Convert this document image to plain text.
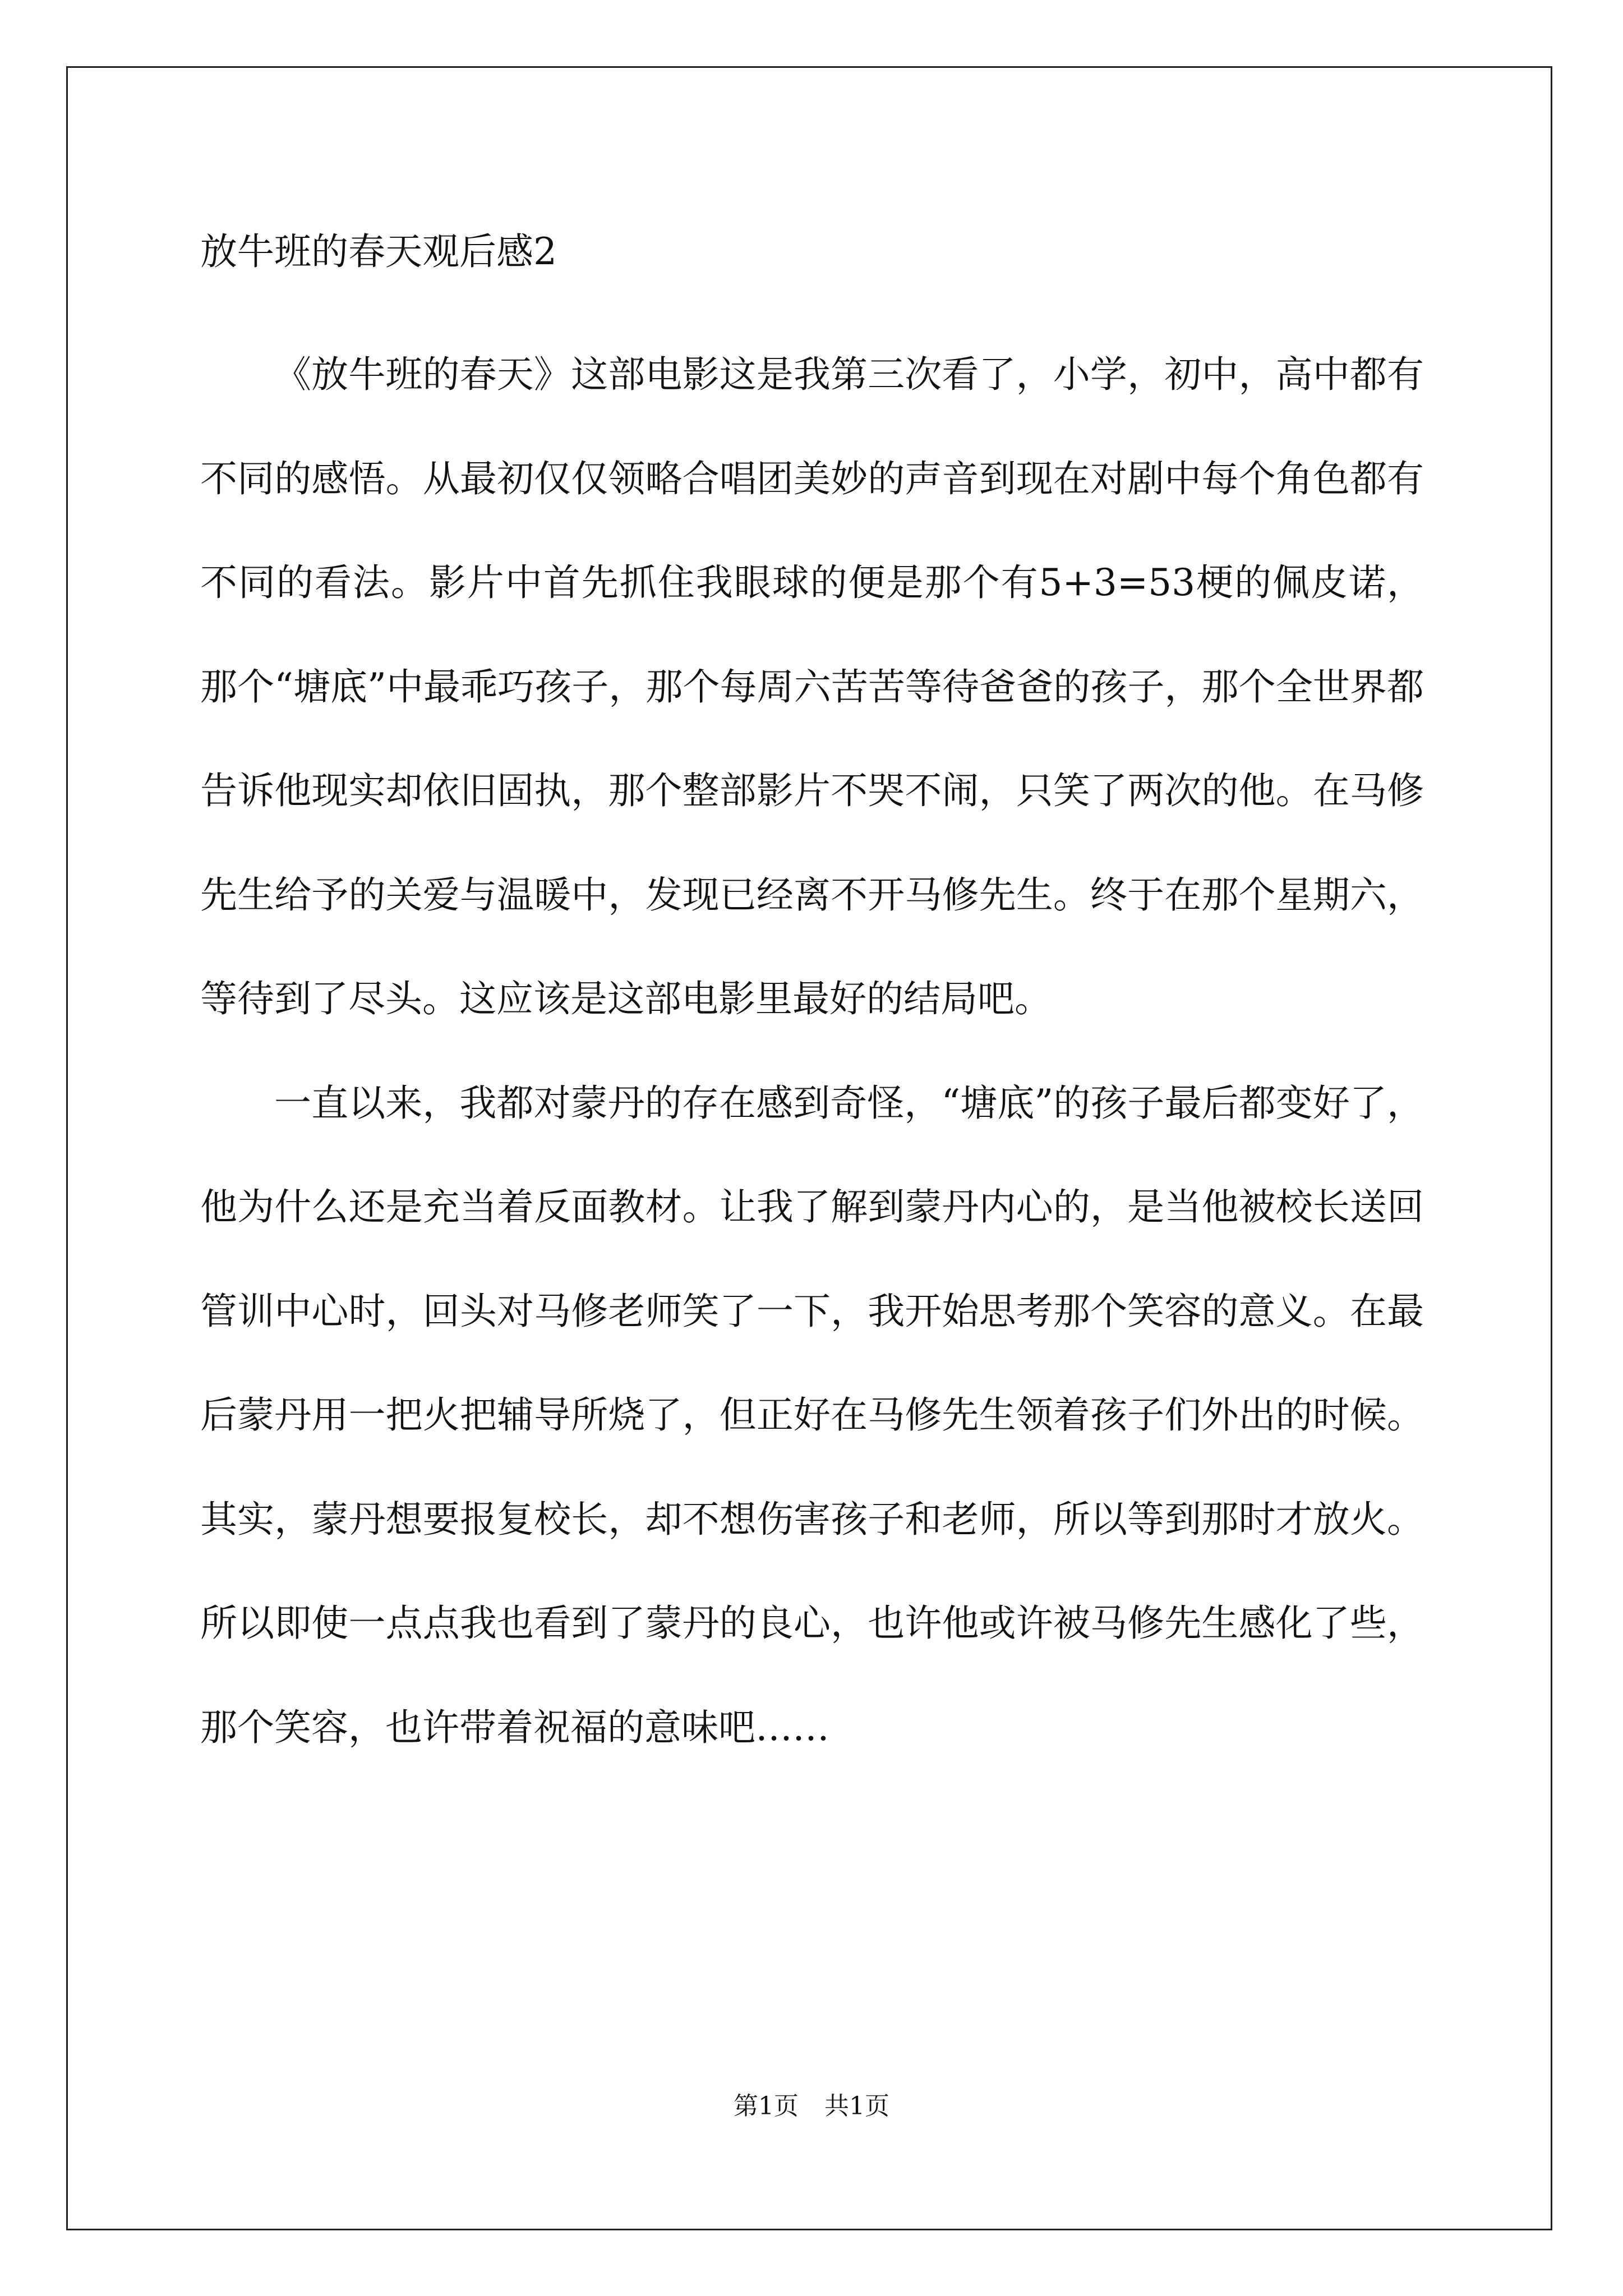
放牛班的春天观后感2

《放牛班的春天》这部电影这是我第三次看了，小学，初中，高中都有不同的感悟。从最初仅仅领略合唱团美妙的声音到现在对剧中每个角色都有不同的看法。影片中首先抓住我眼球的便是那个有5+3=53梗的佩皮诺，那个“塘底”中最乖巧孩子，那个每周六苦苦等待爸爸的孩子，那个全世界都告诉他现实却依旧固执，那个整部影片不哭不闹，只笑了两次的他。在马修先生给予的关爱与温暖中，发现已经离不开马修先生。终于在那个星期六，等待到了尽头。这应该是这部电影里最好的结局吧。

一直以来，我都对蒙丹的存在感到奇怪，“塘底”的孩子最后都变好了，他为什么还是充当着反面教材。让我了解到蒙丹内心的，是当他被校长送回管训中心时，回头对马修老师笑了一下，我开始思考那个笑容的意义。在最后蒙丹用一把火把辅导所烧了，但正好在马修先生领着孩子们外出的时候。其实，蒙丹想要报复校长，却不想伤害孩子和老师，所以等到那时才放火。所以即使一点点我也看到了蒙丹的良心，也许他或许被马修先生感化了些，那个笑容，也许带着祝福的意味吧……

第1页 共1页
